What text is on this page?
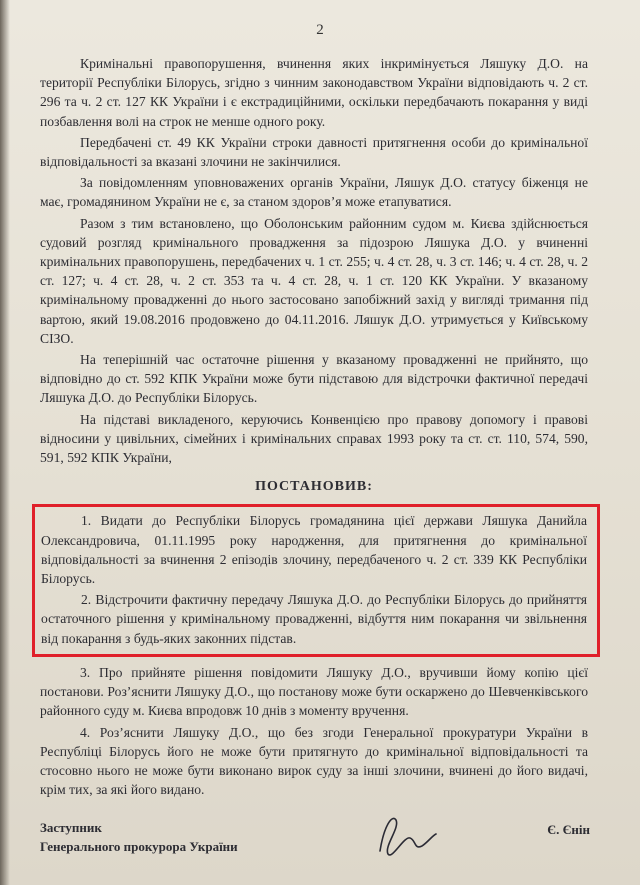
2

Кримінальні правопорушення, вчинення яких інкримінується Ляшуку Д.О. на території Республіки Білорусь, згідно з чинним законодавством України відповідають ч. 2 ст. 296 та ч. 2 ст. 127 КК України і є екстрадиційними, оскільки передбачають покарання у виді позбавлення волі на строк не менше одного року.

Передбачені ст. 49 КК України строки давності притягнення особи до кримінальної відповідальності за вказані злочини не закінчилися.

За повідомленням уповноважених органів України, Ляшук Д.О. статусу біженця не має, громадянином України не є, за станом здоров’я може етапуватися.

Разом з тим встановлено, що Оболонським районним судом м. Києва здійснюється судовий розгляд кримінального провадження за підозрою Ляшука Д.О. у вчиненні кримінальних правопорушень, передбачених ч. 1 ст. 255; ч. 4 ст. 28, ч. 3 ст. 146; ч. 4 ст. 28, ч. 2 ст. 127; ч. 4 ст. 28, ч. 2 ст. 353 та ч. 4 ст. 28, ч. 1 ст. 120 КК України. У вказаному кримінальному провадженні до нього застосовано запобіжний захід у вигляді тримання під вартою, який 19.08.2016 продовжено до 04.11.2016. Ляшук Д.О. утримується у Київському СІЗО.

На теперішній час остаточне рішення у вказаному провадженні не прийнято, що відповідно до ст. 592 КПК України може бути підставою для відстрочки фактичної передачі Ляшука Д.О. до Республіки Білорусь.

На підставі викладеного, керуючись Конвенцією про правову допомогу і правові відносини у цивільних, сімейних і кримінальних справах 1993 року та ст. ст. 110, 574, 590, 591, 592 КПК України,

ПОСТАНОВИВ:

1. Видати до Республіки Білорусь громадянина цієї держави Ляшука Данийла Олександровича, 01.11.1995 року народження, для притягнення до кримінальної відповідальності за вчинення 2 епізодів злочину, передбаченого ч. 2 ст. 339 КК Республіки Білорусь.

2. Відстрочити фактичну передачу Ляшука Д.О. до Республіки Білорусь до прийняття остаточного рішення у кримінальному провадженні, відбуття ним покарання чи звільнення від покарання з будь-яких законних підстав.

3. Про прийняте рішення повідомити Ляшуку Д.О., вручивши йому копію цієї постанови. Роз’яснити Ляшуку Д.О., що постанову може бути оскаржено до Шевченківського районного суду м. Києва впродовж 10 днів з моменту вручення.

4. Роз’яснити Ляшуку Д.О., що без згоди Генеральної прокуратури України в Республіці Білорусь його не може бути притягнуто до кримінальної відповідальності та стосовно нього не може бути виконано вирок суду за інші злочини, вчинені до його видачі, крім тих, за які його видано.

Заступник
Генерального прокурора України
Є. Єнін
